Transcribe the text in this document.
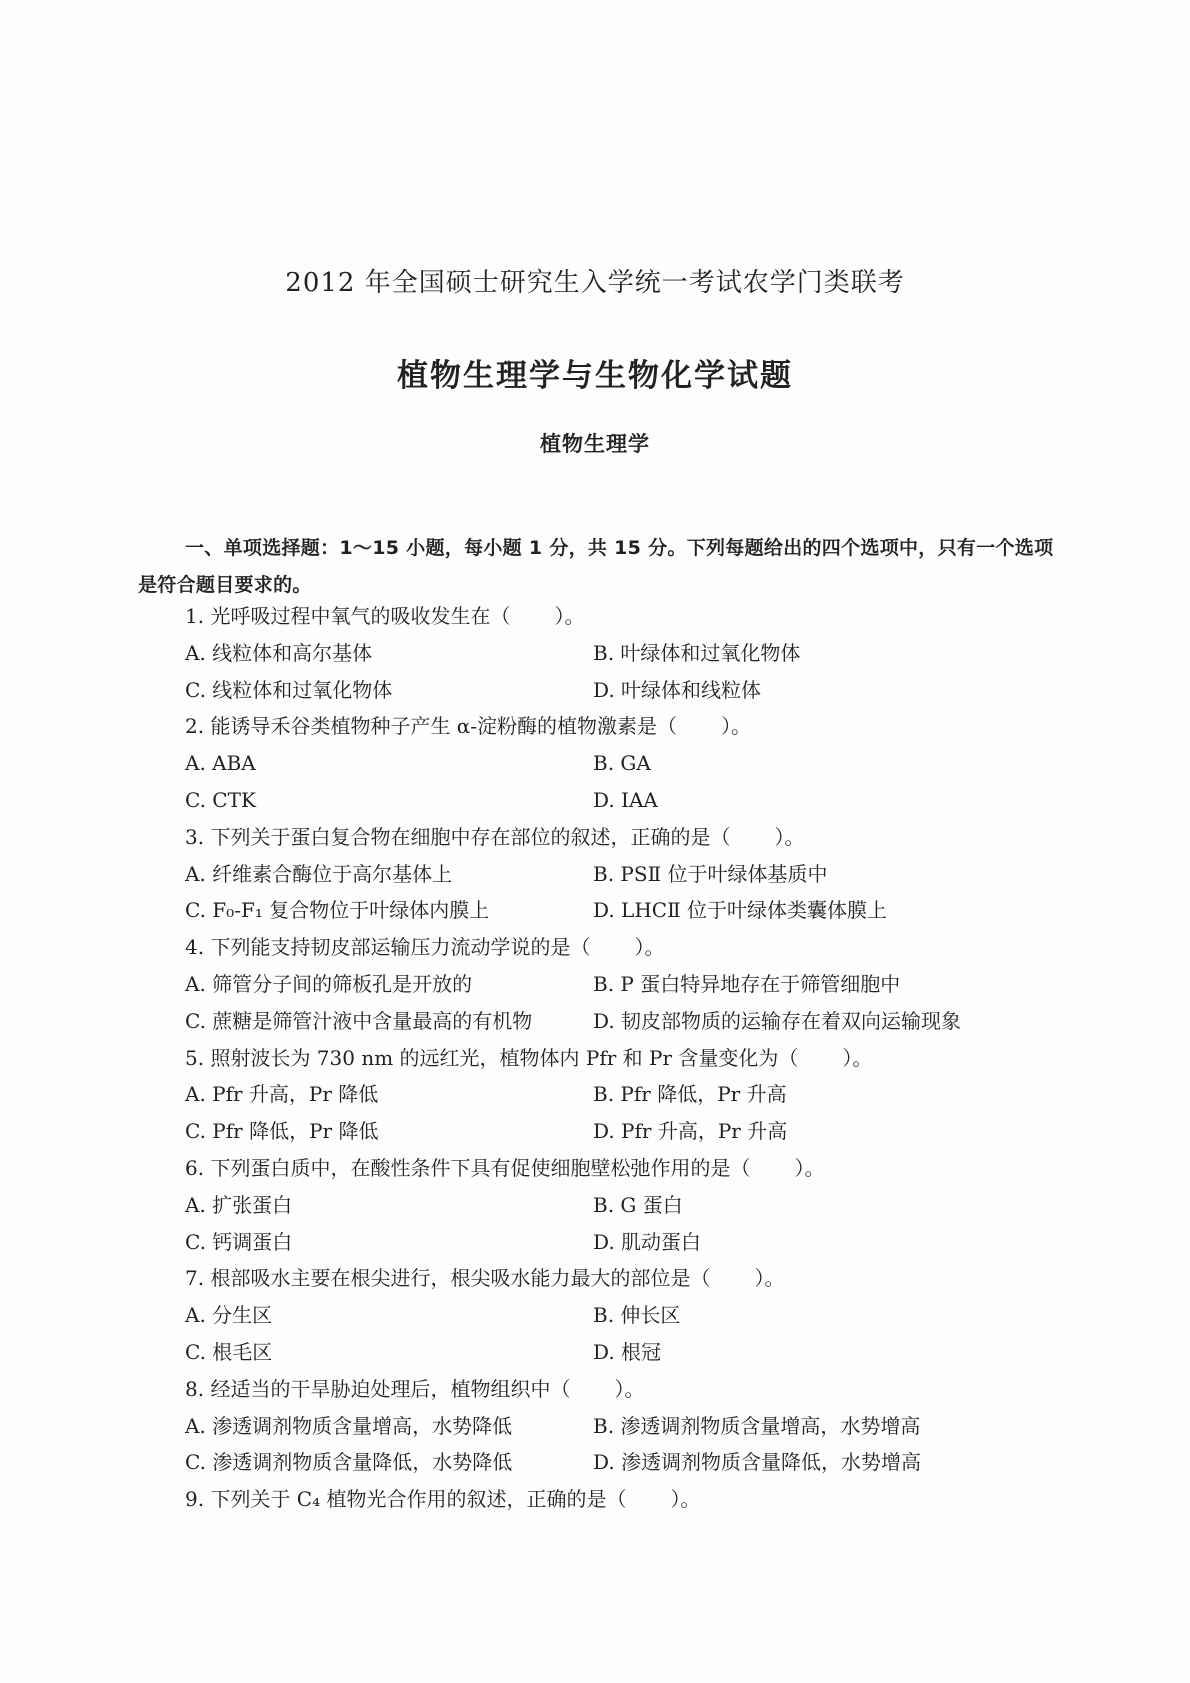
2012 年全国硕士研究生入学统一考试农学门类联考
植物生理学与生物化学试题
植物生理学
一、单项选择题：1～15 小题，每小题 1 分，共 15 分。下列每题给出的四个选项中，只有一个选项是符合题目要求的。
1. 光呼吸过程中氧气的吸收发生在（ ）。
A. 线粒体和高尔基体	B. 叶绿体和过氧化物体
C. 线粒体和过氧化物体	D. 叶绿体和线粒体
2. 能诱导禾谷类植物种子产生 α-淀粉酶的植物激素是（ ）。
A. ABA	B. GA
C. CTK	D. IAA
3. 下列关于蛋白复合物在细胞中存在部位的叙述，正确的是（ ）。
A. 纤维素合酶位于高尔基体上	B. PSⅡ 位于叶绿体基质中
C. F₀-F₁ 复合物位于叶绿体内膜上	D. LHCⅡ 位于叶绿体类囊体膜上
4. 下列能支持韧皮部运输压力流动学说的是（ ）。
A. 筛管分子间的筛板孔是开放的	B. P 蛋白特异地存在于筛管细胞中
C. 蔗糖是筛管汁液中含量最高的有机物	D. 韧皮部物质的运输存在着双向运输现象
5. 照射波长为 730 nm 的远红光，植物体内 Pfr 和 Pr 含量变化为（ ）。
A. Pfr 升高，Pr 降低	B. Pfr 降低，Pr 升高
C. Pfr 降低，Pr 降低	D. Pfr 升高，Pr 升高
6. 下列蛋白质中，在酸性条件下具有促使细胞壁松弛作用的是（ ）。
A. 扩张蛋白	B. G 蛋白
C. 钙调蛋白	D. 肌动蛋白
7. 根部吸水主要在根尖进行，根尖吸水能力最大的部位是（ ）。
A. 分生区	B. 伸长区
C. 根毛区	D. 根冠
8. 经适当的干旱胁迫处理后，植物组织中（ ）。
A. 渗透调剂物质含量增高，水势降低	B. 渗透调剂物质含量增高，水势增高
C. 渗透调剂物质含量降低，水势降低	D. 渗透调剂物质含量降低，水势增高
9. 下列关于 C₄ 植物光合作用的叙述，正确的是（ ）。
